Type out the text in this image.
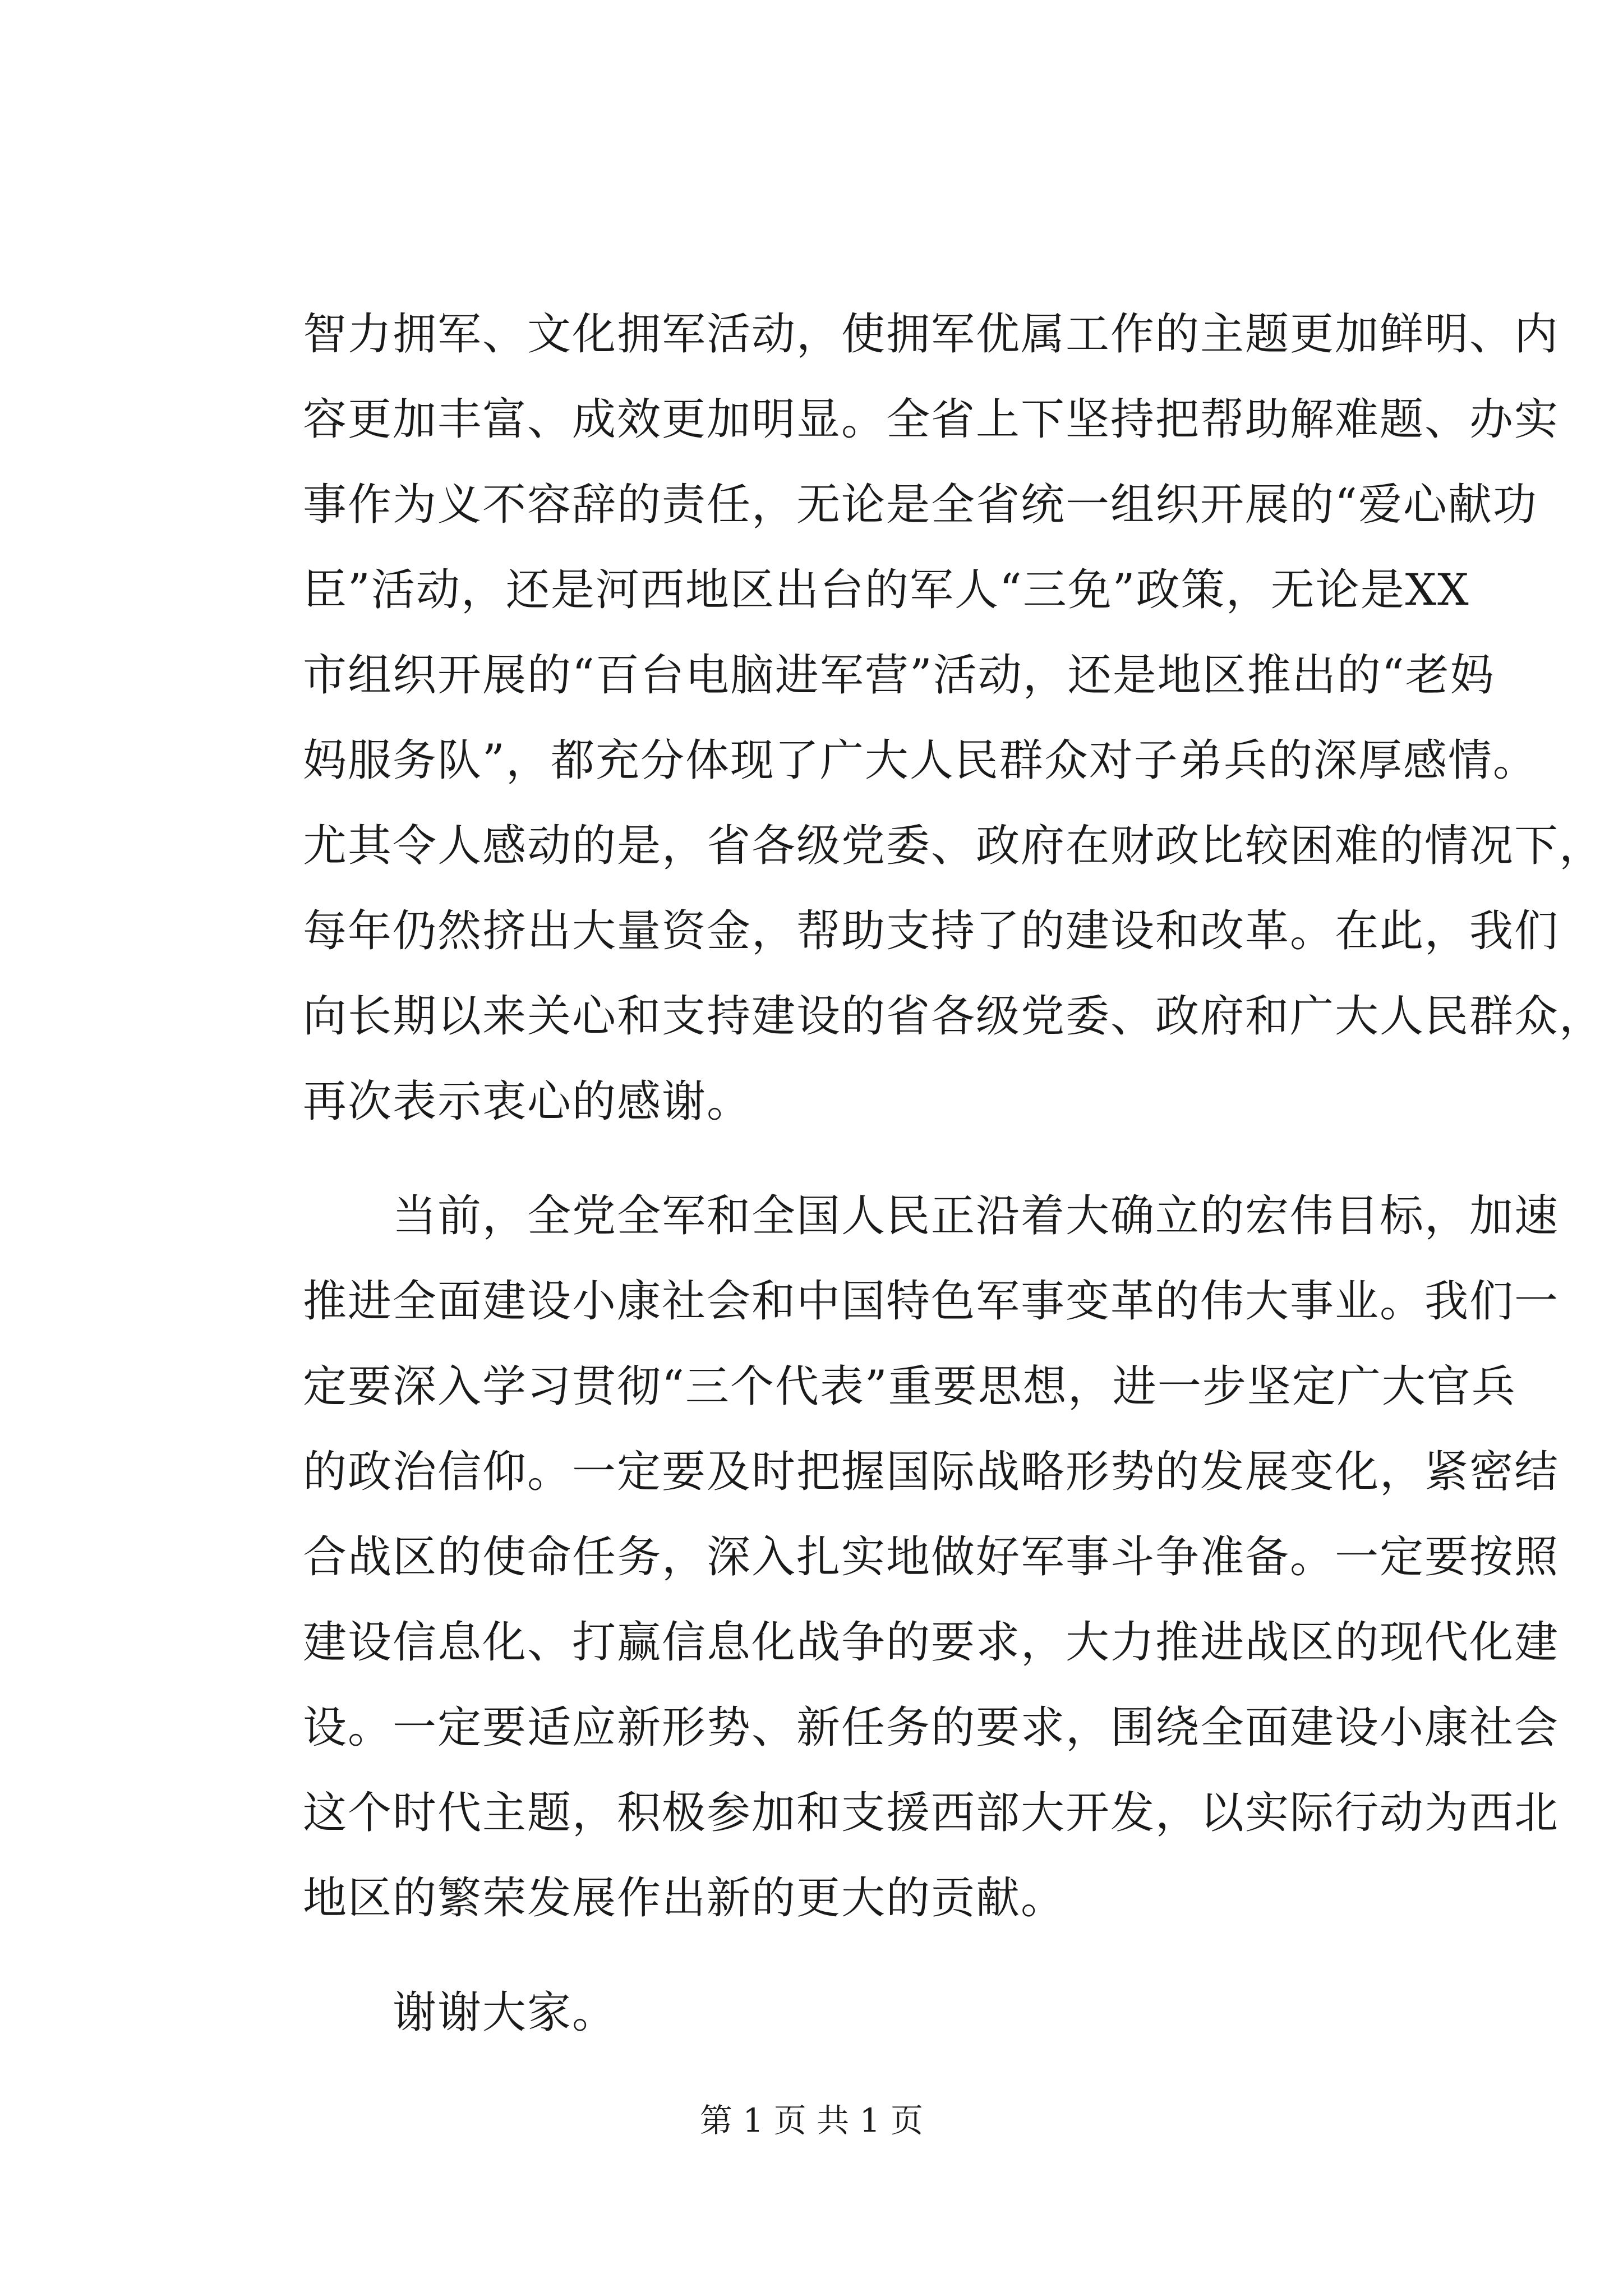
智力拥军、文化拥军活动，使拥军优属工作的主题更加鲜明、内
容更加丰富、成效更加明显。全省上下坚持把帮助解难题、办实
事作为义不容辞的责任，无论是全省统一组织开展的“爱心献功
臣”活动，还是河西地区出台的军人“三免”政策，无论是XX
市组织开展的“百台电脑进军营”活动，还是地区推出的“老妈
妈服务队”，都充分体现了广大人民群众对子弟兵的深厚感情。
尤其令人感动的是，省各级党委、政府在财政比较困难的情况下，
每年仍然挤出大量资金，帮助支持了的建设和改革。在此，我们
向长期以来关心和支持建设的省各级党委、政府和广大人民群众，
再次表示衷心的感谢。
当前，全党全军和全国人民正沿着大确立的宏伟目标，加速
推进全面建设小康社会和中国特色军事变革的伟大事业。我们一
定要深入学习贯彻“三个代表”重要思想，进一步坚定广大官兵
的政治信仰。一定要及时把握国际战略形势的发展变化，紧密结
合战区的使命任务，深入扎实地做好军事斗争准备。一定要按照
建设信息化、打赢信息化战争的要求，大力推进战区的现代化建
设。一定要适应新形势、新任务的要求，围绕全面建设小康社会
这个时代主题，积极参加和支援西部大开发，以实际行动为西北
地区的繁荣发展作出新的更大的贡献。
谢谢大家。
第 1 页 共 1 页
